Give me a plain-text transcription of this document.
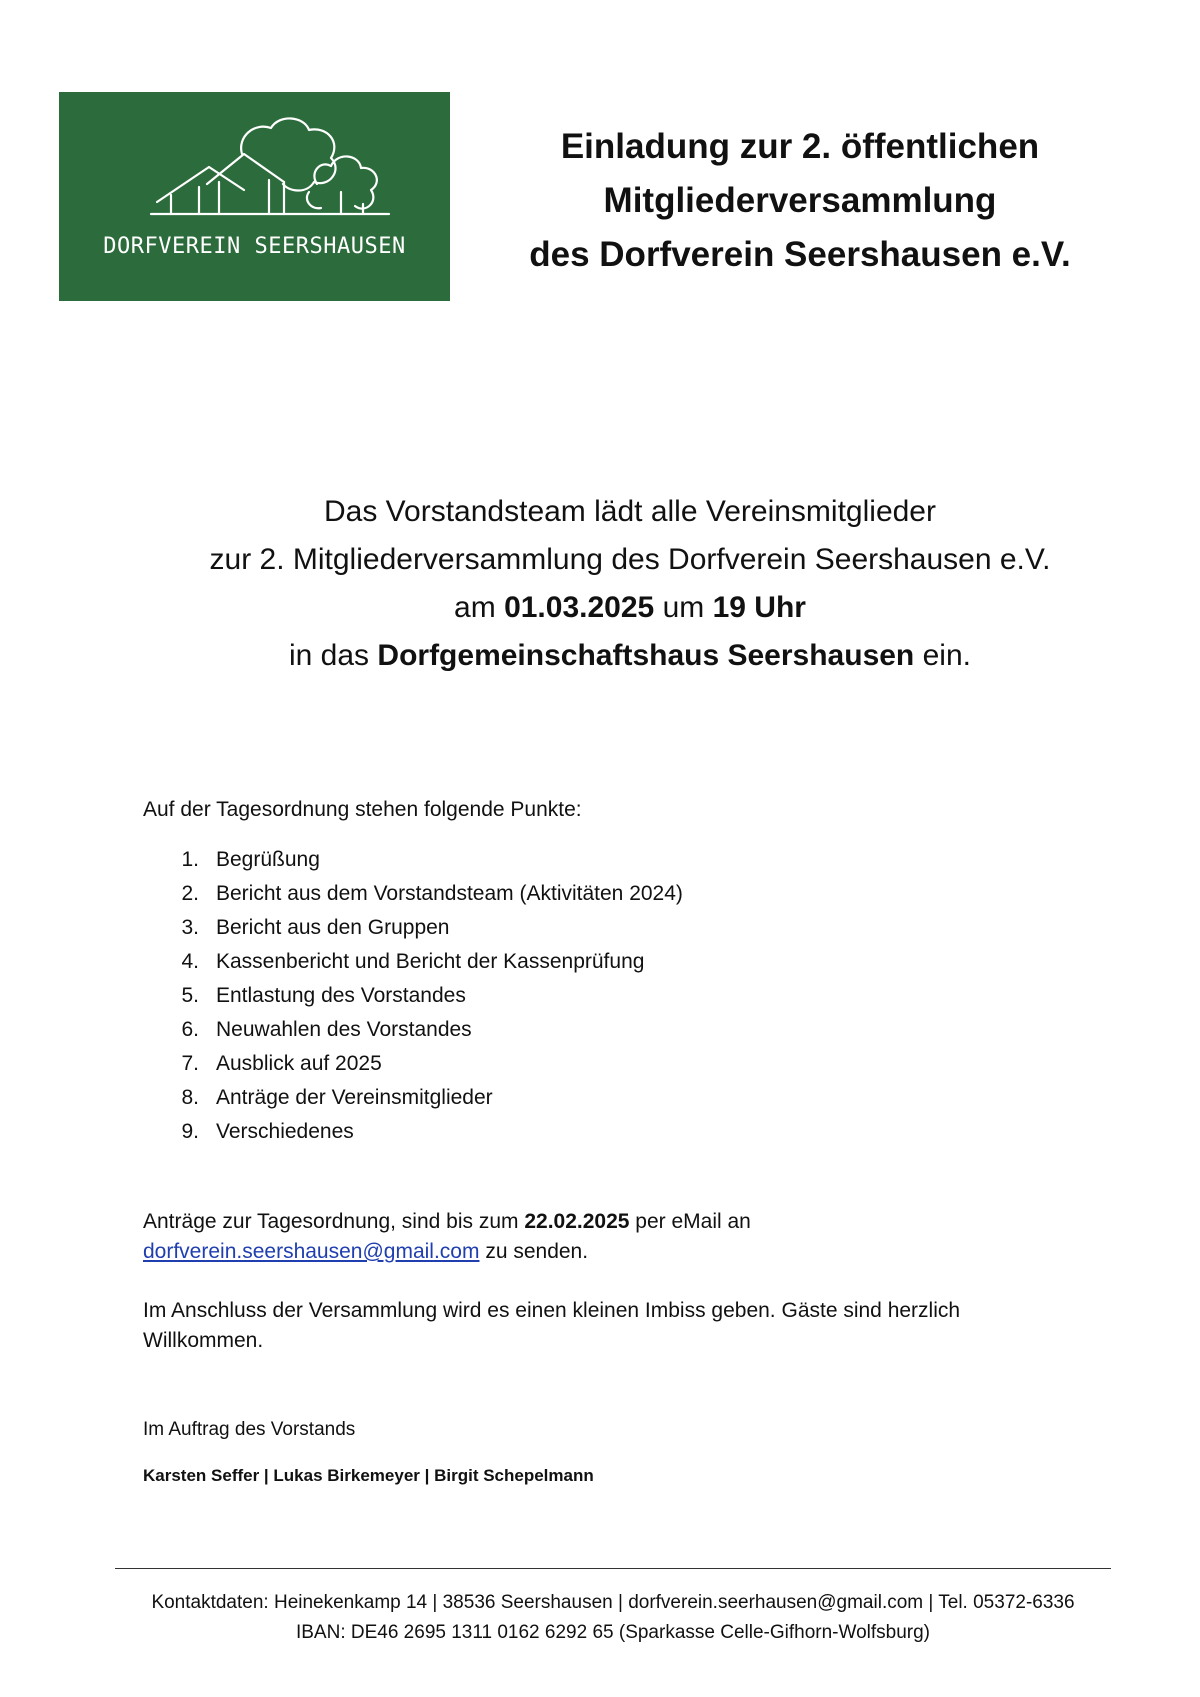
DORFVEREIN SEERSHAUSEN
Einladung zur 2. öffentlichen
Mitgliederversammlung
des Dorfverein Seershausen e.V.
Das Vorstandsteam lädt alle Vereinsmitglieder
zur 2. Mitgliederversammlung des Dorfverein Seershausen e.V.
am 01.03.2025 um 19 Uhr
in das Dorfgemeinschaftshaus Seershausen ein.
Auf der Tagesordnung stehen folgende Punkte:
1. Begrüßung
2. Bericht aus dem Vorstandsteam (Aktivitäten 2024)
3. Bericht aus den Gruppen
4. Kassenbericht und Bericht der Kassenprüfung
5. Entlastung des Vorstandes
6. Neuwahlen des Vorstandes
7. Ausblick auf 2025
8. Anträge der Vereinsmitglieder
9. Verschiedenes
Anträge zur Tagesordnung, sind bis zum 22.02.2025 per eMail an
dorfverein.seershausen@gmail.com zu senden.
Im Anschluss der Versammlung wird es einen kleinen Imbiss geben. Gäste sind herzlich
Willkommen.
Im Auftrag des Vorstands
Karsten Seffer | Lukas Birkemeyer | Birgit Schepelmann
Kontaktdaten: Heinekenkamp 14 | 38536 Seershausen | dorfverein.seerhausen@gmail.com | Tel. 05372-6336
IBAN: DE46 2695 1311 0162 6292 65 (Sparkasse Celle-Gifhorn-Wolfsburg)
